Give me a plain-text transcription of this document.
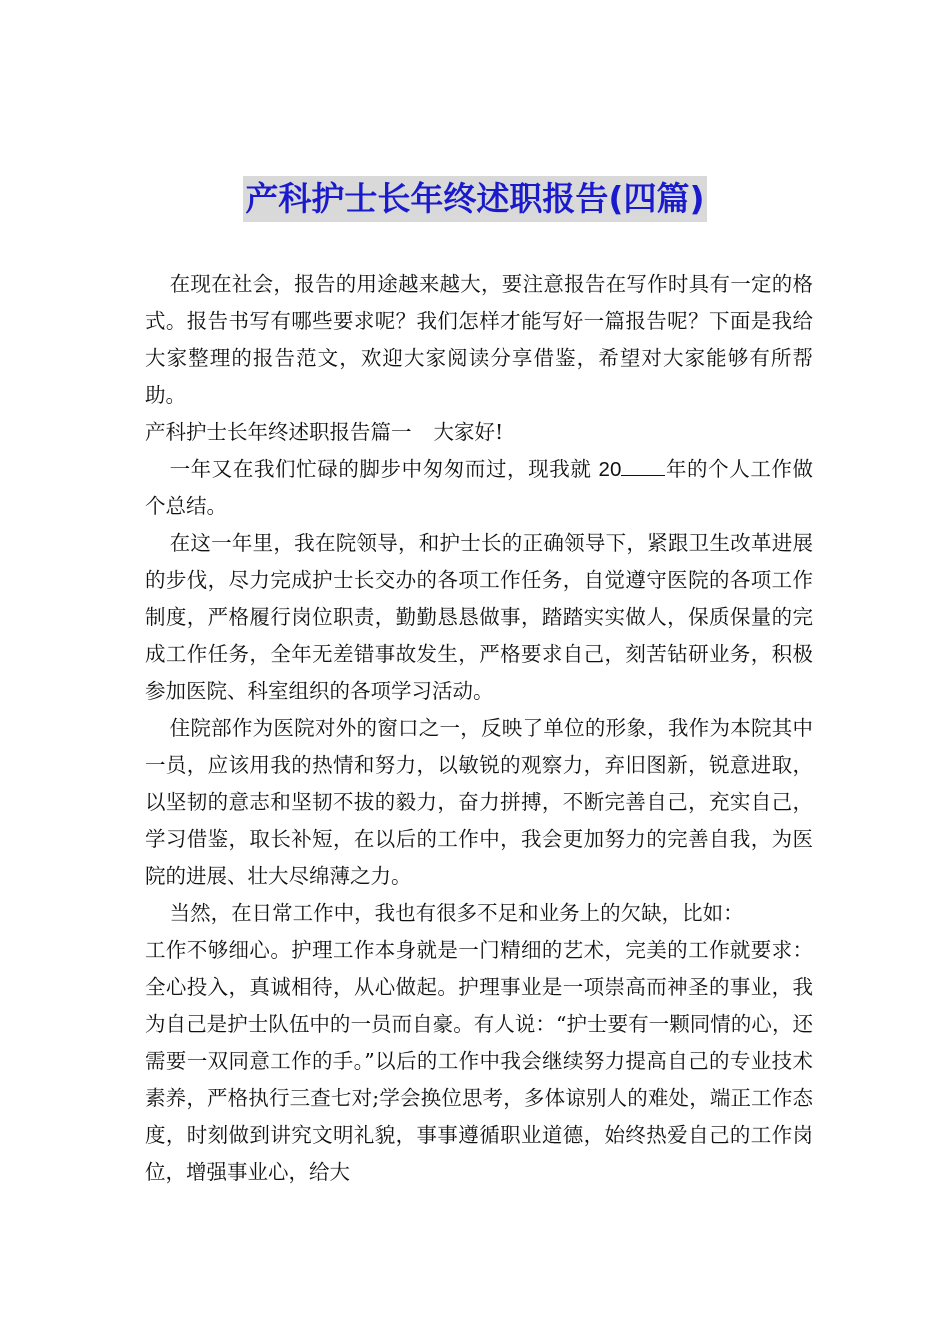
产科护士长年终述职报告(四篇)

在现在社会，报告的用途越来越大，要注意报告在写作时具有一定的格式。报告书写有哪些要求呢？我们怎样才能写好一篇报告呢？下面是我给大家整理的报告范文，欢迎大家阅读分享借鉴，希望对大家能够有所帮助。

产科护士长年终述职报告篇一 大家好!

一年又在我们忙碌的脚步中匆匆而过，现我就 20 年的个人工作做个总结。

在这一年里，我在院领导，和护士长的正确领导下，紧跟卫生改革进展的步伐，尽力完成护士长交办的各项工作任务，自觉遵守医院的各项工作制度，严格履行岗位职责，勤勤恳恳做事，踏踏实实做人，保质保量的完成工作任务，全年无差错事故发生，严格要求自己，刻苦钻研业务，积极参加医院、科室组织的各项学习活动。

住院部作为医院对外的窗口之一，反映了单位的形象，我作为本院其中一员，应该用我的热情和努力，以敏锐的观察力，弃旧图新，锐意进取，以坚韧的意志和坚韧不拔的毅力，奋力拼搏，不断完善自己，充实自己，学习借鉴，取长补短，在以后的工作中，我会更加努力的完善自我，为医院的进展、壮大尽绵薄之力。

当然，在日常工作中，我也有很多不足和业务上的欠缺，比如：

工作不够细心。护理工作本身就是一门精细的艺术，完美的工作就要求：全心投入，真诚相待，从心做起。护理事业是一项崇高而神圣的事业，我为自己是护士队伍中的一员而自豪。有人说：“护士要有一颗同情的心，还需要一双同意工作的手。”以后的工作中我会继续努力提高自己的专业技术素养，严格执行三查七对;学会换位思考，多体谅别人的难处，端正工作态度，时刻做到讲究文明礼貌，事事遵循职业道德，始终热爱自己的工作岗位，增强事业心，给大
